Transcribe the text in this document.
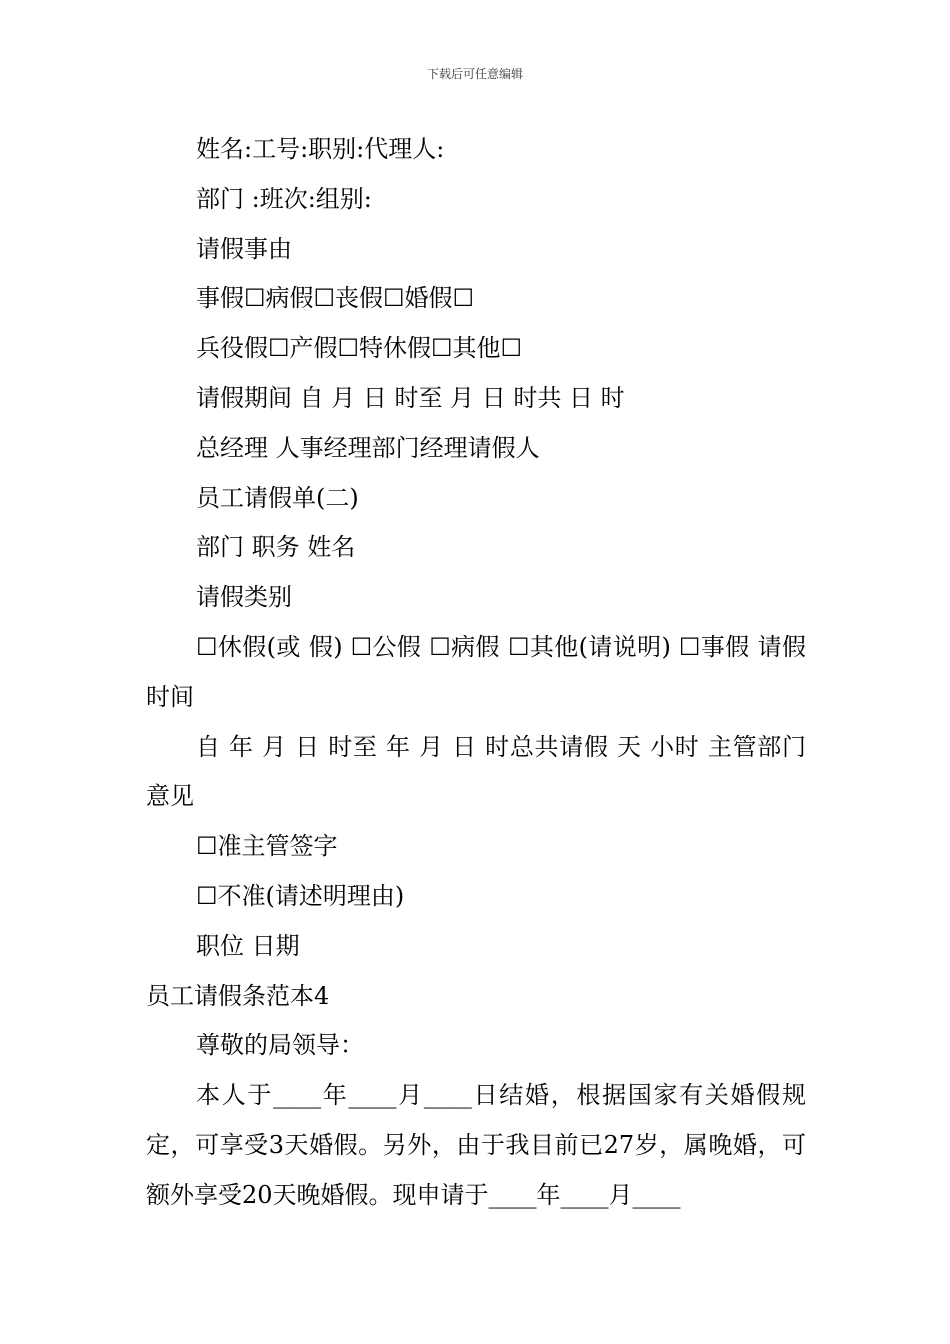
下载后可任意编辑
姓名:工号:职别:代理人:
部门 :班次:组别:
请假事由
事假☐病假☐丧假☐婚假☐
兵役假☐产假☐特休假☐其他☐
请假期间 自 月 日 时至 月 日 时共 日 时
总经理 人事经理部门经理请假人
员工请假单(二)
部门 职务 姓名
请假类别
☐休假(或 假) ☐公假 ☐病假 ☐其他(请说明) ☐事假 请假时间
自 年 月 日 时至 年 月 日 时总共请假 天 小时 主管部门意见
☐准主管签字
☐不准(请述明理由)
职位 日期
员工请假条范本4
尊敬的局领导：
本人于____年____月____日结婚，根据国家有关婚假规定，可享受3天婚假。另外，由于我目前已27岁，属晚婚，可额外享受20天晚婚假。现申请于____年____月____
